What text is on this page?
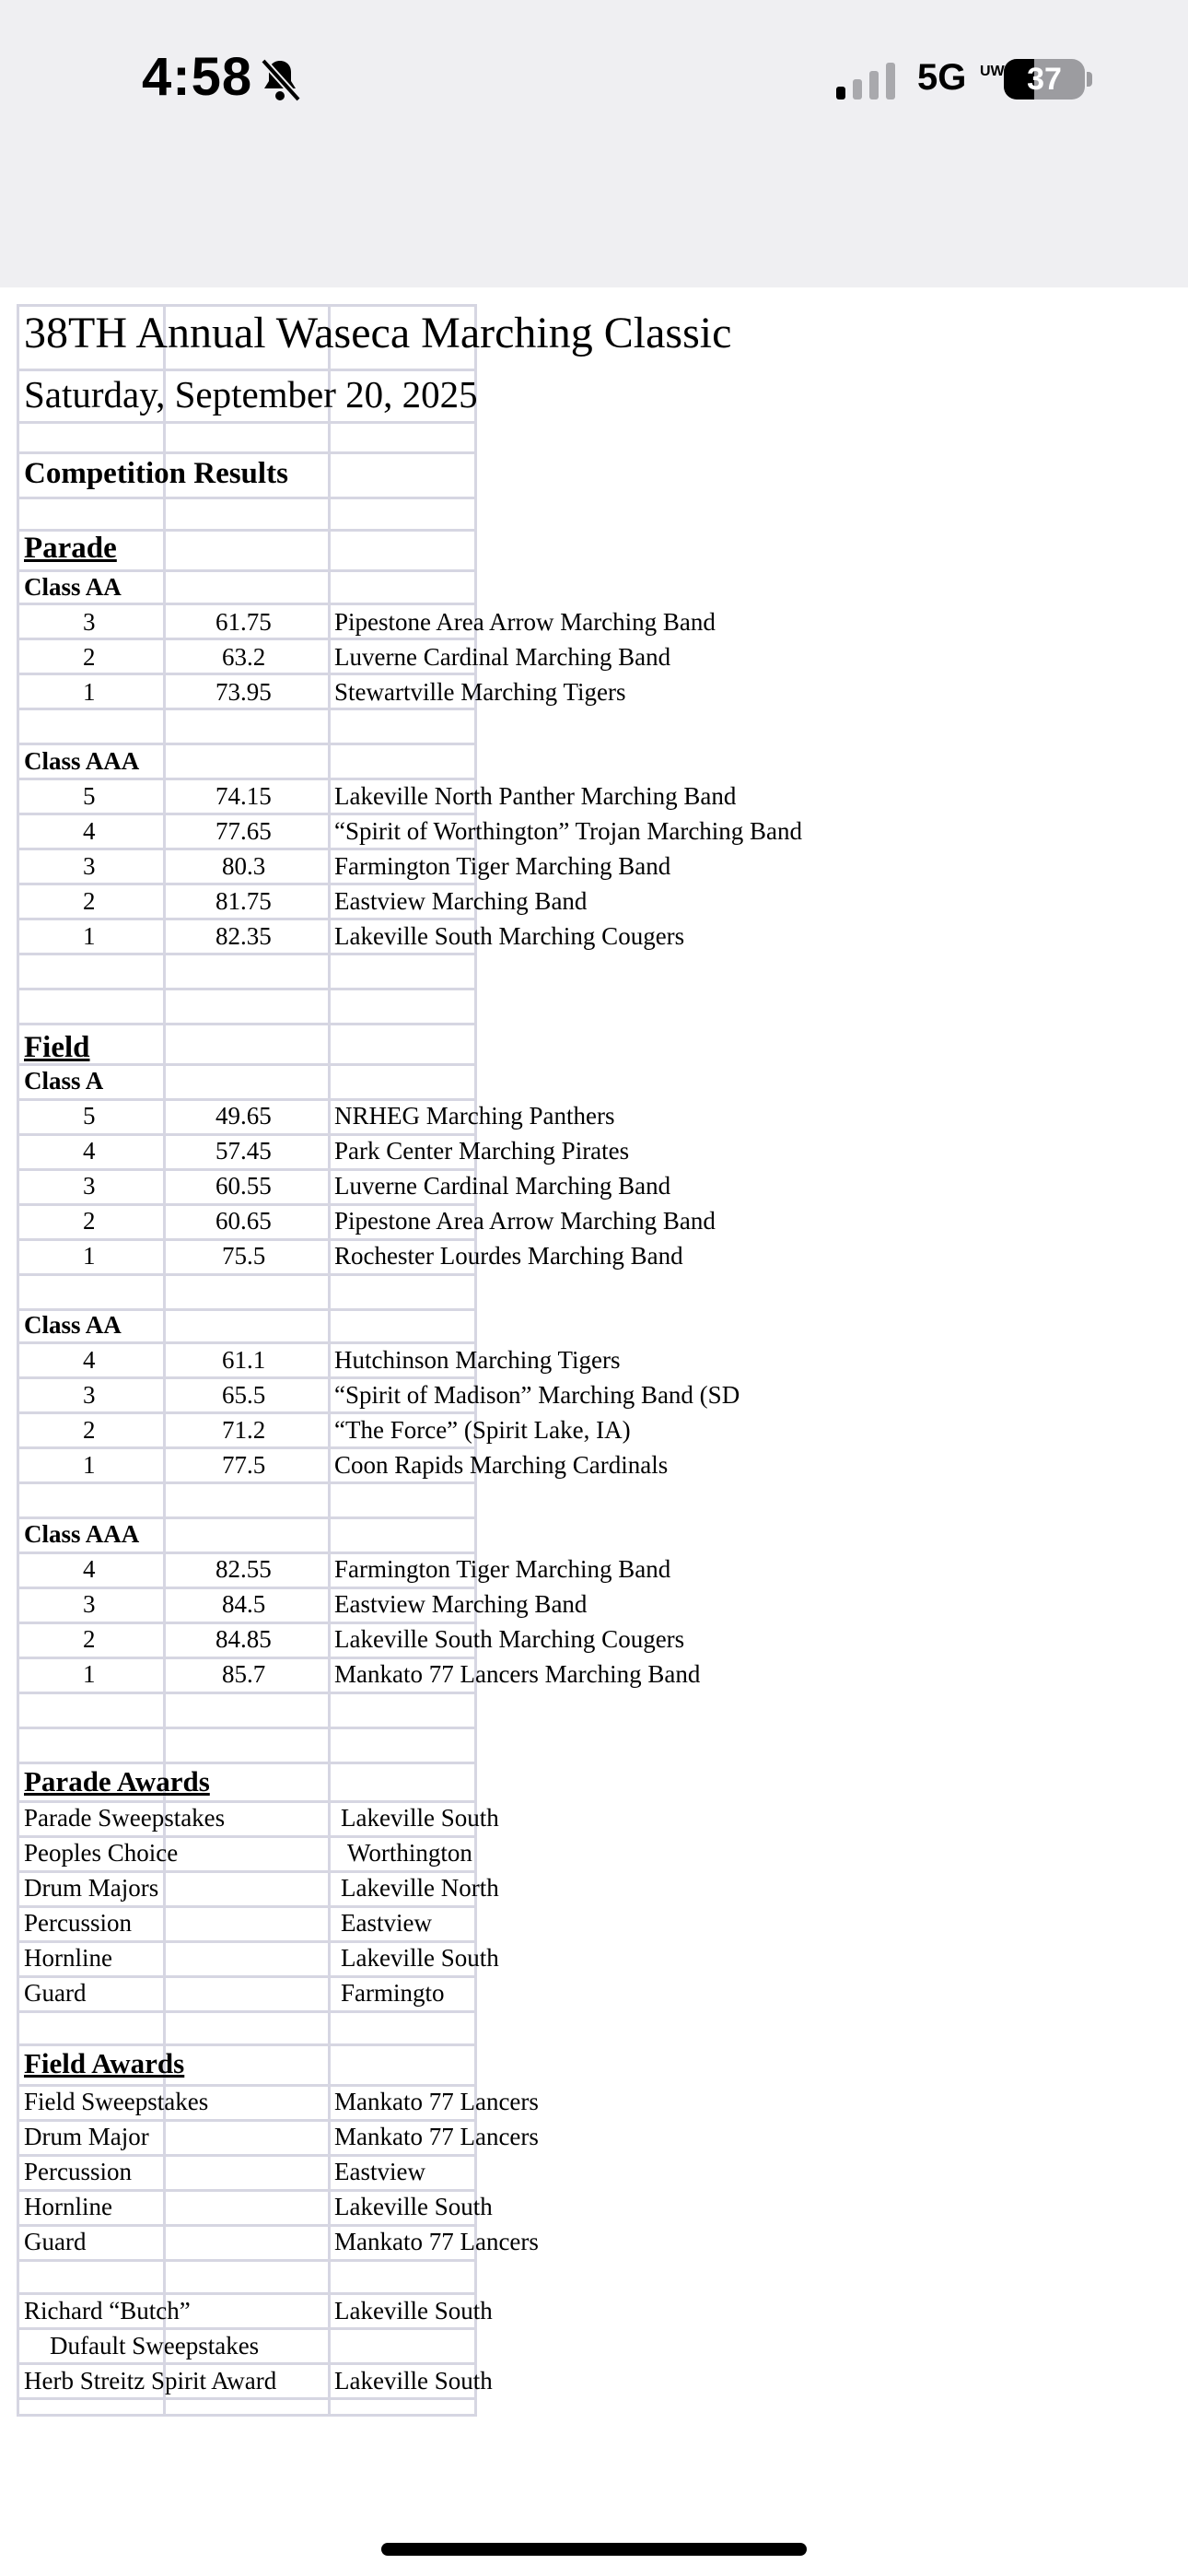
4:58	5G	37
UW
38TH Annual Waseca Marching Classic
Saturday, September 20, 2025
Competition Results
Parade
Class AA
3	61.75	Pipestone Area Arrow Marching Band
2	63.2	Luverne Cardinal Marching Band
1	73.95	Stewartville Marching Tigers
Class AAA
5	74.15	Lakeville North Panther Marching Band
4	77.65	“Spirit of Worthington” Trojan Marching Band
3	80.3	Farmington Tiger Marching Band
2	81.75	Eastview Marching Band
1	82.35	Lakeville South Marching Cougers
Field
Class A
5	49.65	NRHEG Marching Panthers
4	57.45	Park Center Marching Pirates
3	60.55	Luverne Cardinal Marching Band
2	60.65	Pipestone Area Arrow Marching Band
1	75.5	Rochester Lourdes Marching Band
Class AA
4	61.1	Hutchinson Marching Tigers
3	65.5	“Spirit of Madison” Marching Band (SD
2	71.2	“The Force” (Spirit Lake, IA)
1	77.5	Coon Rapids Marching Cardinals
Class AAA
4	82.55	Farmington Tiger Marching Band
3	84.5	Eastview Marching Band
2	84.85	Lakeville South Marching Cougers
1	85.7	Mankato 77 Lancers Marching Band
Parade Awards
Parade Sweepstakes	Lakeville South
Peoples Choice	Worthington
Drum Majors	Lakeville North
Percussion	Eastview
Hornline	Lakeville South
Guard	Farmingto
Field Awards
Field Sweepstakes	Mankato 77 Lancers
Drum Major	Mankato 77 Lancers
Percussion	Eastview
Hornline	Lakeville South
Guard	Mankato 77 Lancers
Richard “Butch”	Lakeville South
Dufault Sweepstakes
Herb Streitz Spirit Award Lakeville South
